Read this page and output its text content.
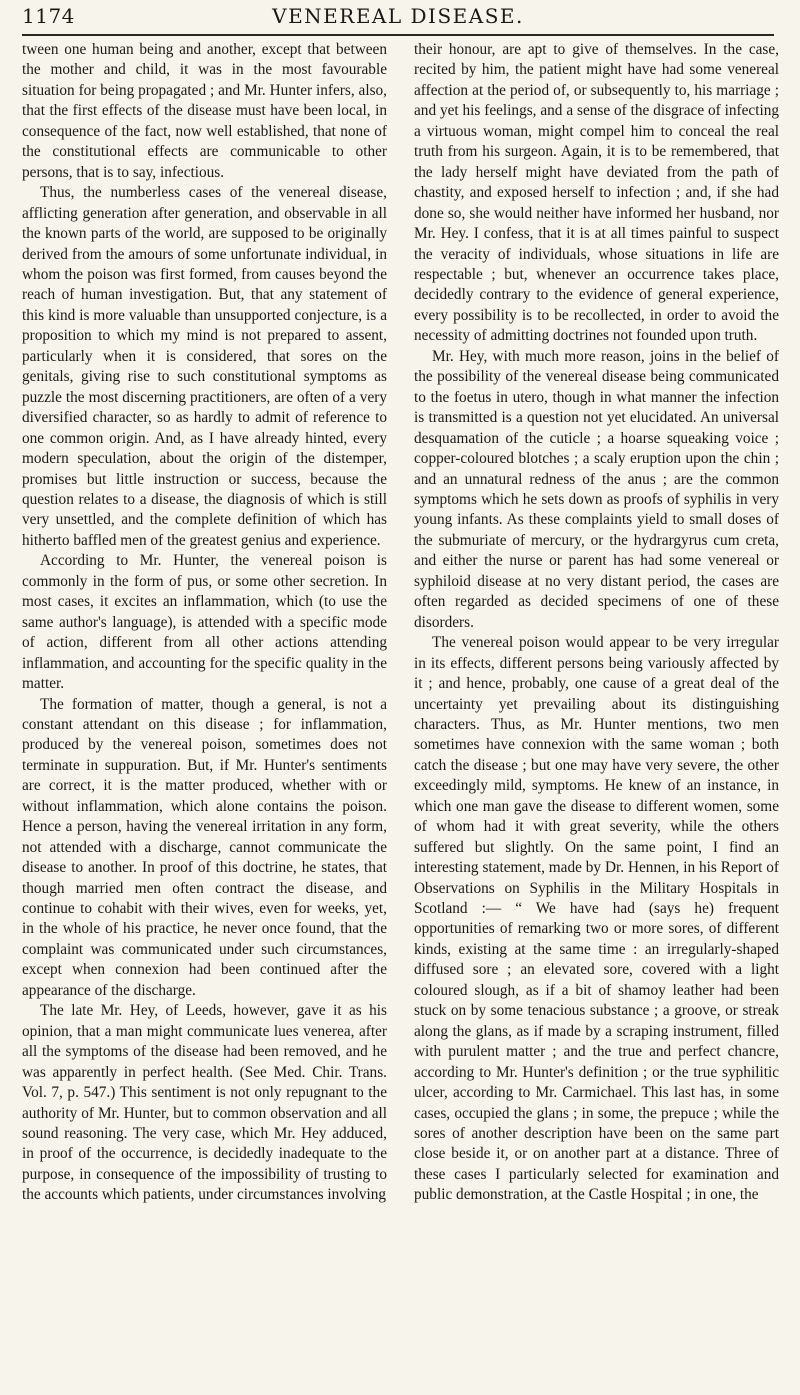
1174	VENEREAL DISEASE.

tween one human being and another, except that between the mother and child, it was in the most favourable situation for being propagated ; and Mr. Hunter infers, also, that the first effects of the disease must have been local, in consequence of the fact, now well established, that none of the constitutional effects are communicable to other persons, that is to say, infectious.

Thus, the numberless cases of the venereal disease, afflicting generation after generation, and observable in all the known parts of the world, are supposed to be originally derived from the amours of some unfortunate individual, in whom the poison was first formed, from causes beyond the reach of human investigation. But, that any statement of this kind is more valuable than unsupported conjecture, is a proposition to which my mind is not prepared to assent, particularly when it is considered, that sores on the genitals, giving rise to such constitutional symptoms as puzzle the most discerning practitioners, are often of a very diversified character, so as hardly to admit of reference to one common origin. And, as I have already hinted, every modern speculation, about the origin of the distemper, promises but little instruction or success, because the question relates to a disease, the diagnosis of which is still very unsettled, and the complete definition of which has hitherto baffled men of the greatest genius and experience.

According to Mr. Hunter, the venereal poison is commonly in the form of pus, or some other secretion. In most cases, it excites an inflammation, which (to use the same author's language), is attended with a specific mode of action, different from all other actions attending inflammation, and accounting for the specific quality in the matter.

The formation of matter, though a general, is not a constant attendant on this disease ; for inflammation, produced by the venereal poison, sometimes does not terminate in suppuration. But, if Mr. Hunter's sentiments are correct, it is the matter produced, whether with or without inflammation, which alone contains the poison. Hence a person, having the venereal irritation in any form, not attended with a discharge, cannot communicate the disease to another. In proof of this doctrine, he states, that though married men often contract the disease, and continue to cohabit with their wives, even for weeks, yet, in the whole of his practice, he never once found, that the complaint was communicated under such circumstances, except when connexion had been continued after the appearance of the discharge.

The late Mr. Hey, of Leeds, however, gave it as his opinion, that a man might communicate lues venerea, after all the symptoms of the disease had been removed, and he was apparently in perfect health. (See Med. Chir. Trans. Vol. 7, p. 547.) This sentiment is not only repugnant to the authority of Mr. Hunter, but to common observation and all sound reasoning. The very case, which Mr. Hey adduced, in proof of the occurrence, is decidedly inadequate to the purpose, in consequence of the impossibility of trusting to the accounts which patients, under circumstances involving

their honour, are apt to give of themselves. In the case, recited by him, the patient might have had some venereal affection at the period of, or subsequently to, his marriage ; and yet his feelings, and a sense of the disgrace of infecting a virtuous woman, might compel him to conceal the real truth from his surgeon. Again, it is to be remembered, that the lady herself might have deviated from the path of chastity, and exposed herself to infection ; and, if she had done so, she would neither have informed her husband, nor Mr. Hey. I confess, that it is at all times painful to suspect the veracity of individuals, whose situations in life are respectable ; but, whenever an occurrence takes place, decidedly contrary to the evidence of general experience, every possibility is to be recollected, in order to avoid the necessity of admitting doctrines not founded upon truth.

Mr. Hey, with much more reason, joins in the belief of the possibility of the venereal disease being communicated to the foetus in utero, though in what manner the infection is transmitted is a question not yet elucidated. An universal desquamation of the cuticle ; a hoarse squeaking voice ; copper-coloured blotches ; a scaly eruption upon the chin ; and an unnatural redness of the anus ; are the common symptoms which he sets down as proofs of syphilis in very young infants. As these complaints yield to small doses of the submuriate of mercury, or the hydrargyrus cum creta, and either the nurse or parent has had some venereal or syphiloid disease at no very distant period, the cases are often regarded as decided specimens of one of these disorders.

The venereal poison would appear to be very irregular in its effects, different persons being variously affected by it ; and hence, probably, one cause of a great deal of the uncertainty yet prevailing about its distinguishing characters. Thus, as Mr. Hunter mentions, two men sometimes have connexion with the same woman ; both catch the disease ; but one may have very severe, the other exceedingly mild, symptoms. He knew of an instance, in which one man gave the disease to different women, some of whom had it with great severity, while the others suffered but slightly. On the same point, I find an interesting statement, made by Dr. Hennen, in his Report of Observations on Syphilis in the Military Hospitals in Scotland :— “ We have had (says he) frequent opportunities of remarking two or more sores, of different kinds, existing at the same time : an irregularly-shaped diffused sore ; an elevated sore, covered with a light coloured slough, as if a bit of shamoy leather had been stuck on by some tenacious substance ; a groove, or streak along the glans, as if made by a scraping instrument, filled with purulent matter ; and the true and perfect chancre, according to Mr. Hunter's definition ; or the true syphilitic ulcer, according to Mr. Carmichael. This last has, in some cases, occupied the glans ; in some, the prepuce ; while the sores of another description have been on the same part close beside it, or on another part at a distance. Three of these cases I particularly selected for examination and public demonstration, at the Castle Hospital ; in one, the
